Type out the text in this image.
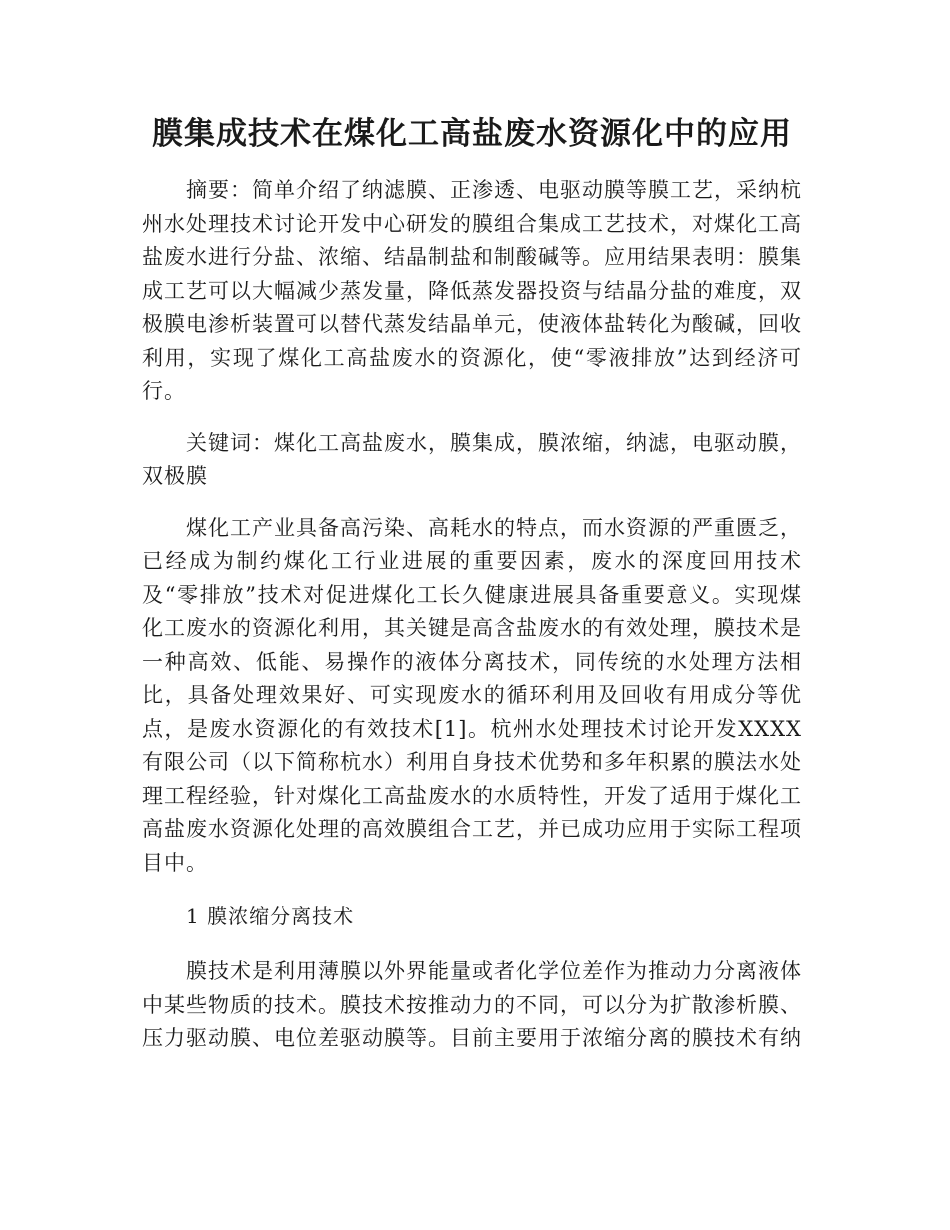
膜集成技术在煤化工高盐废水资源化中的应用

摘要：简单介绍了纳滤膜、正渗透、电驱动膜等膜工艺，采纳杭州水处理技术讨论开发中心研发的膜组合集成工艺技术，对煤化工高盐废水进行分盐、浓缩、结晶制盐和制酸碱等。应用结果表明：膜集成工艺可以大幅减少蒸发量，降低蒸发器投资与结晶分盐的难度，双极膜电渗析装置可以替代蒸发结晶单元，使液体盐转化为酸碱，回收利用，实现了煤化工高盐废水的资源化，使“零液排放”达到经济可行。

关键词：煤化工高盐废水，膜集成，膜浓缩，纳滤，电驱动膜，双极膜

煤化工产业具备高污染、高耗水的特点，而水资源的严重匮乏，已经成为制约煤化工行业进展的重要因素，废水的深度回用技术及“零排放”技术对促进煤化工长久健康进展具备重要意义。实现煤化工废水的资源化利用，其关键是高含盐废水的有效处理，膜技术是一种高效、低能、易操作的液体分离技术，同传统的水处理方法相比，具备处理效果好、可实现废水的循环利用及回收有用成分等优点，是废水资源化的有效技术[1]。杭州水处理技术讨论开发XXXX有限公司（以下简称杭水）利用自身技术优势和多年积累的膜法水处理工程经验，针对煤化工高盐废水的水质特性，开发了适用于煤化工高盐废水资源化处理的高效膜组合工艺，并已成功应用于实际工程项目中。

1 膜浓缩分离技术

膜技术是利用薄膜以外界能量或者化学位差作为推动力分离液体中某些物质的技术。膜技术按推动力的不同，可以分为扩散渗析膜、压力驱动膜、电位差驱动膜等。目前主要用于浓缩分离的膜技术有纳
